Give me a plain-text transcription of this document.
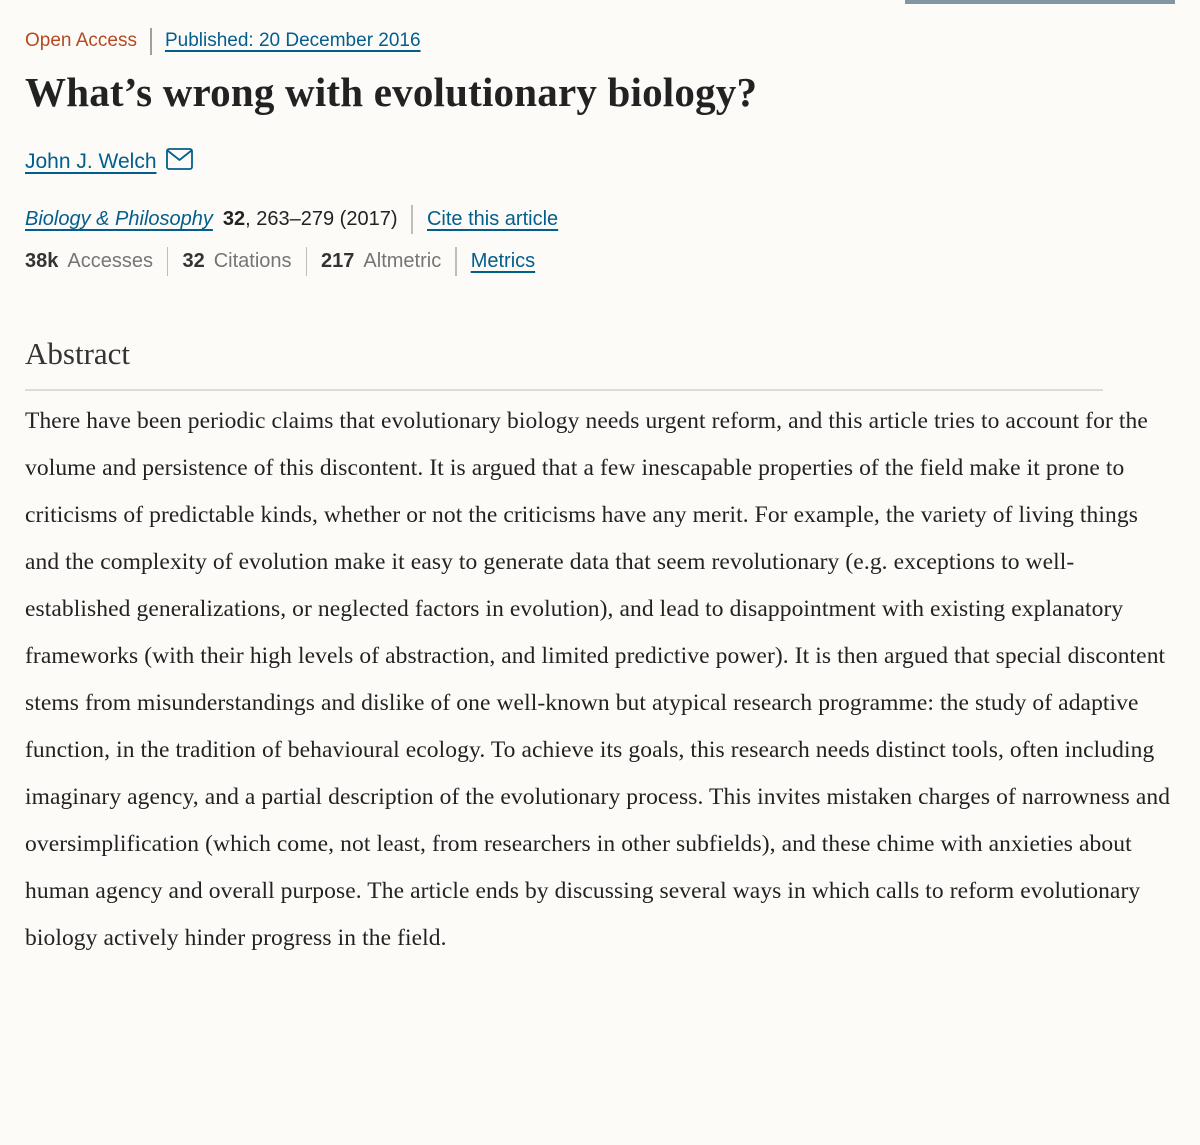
Open Access Published: 20 December 2016
What’s wrong with evolutionary biology?
John J. Welch
Biology & Philosophy 32 , 263–279 (2017) Cite this article
38k Accesses 32 Citations 217 Altmetric Metrics
Abstract

There have been periodic claims that evolutionary biology needs urgent reform, and this article tries to account for the volume and persistence of this discontent. It is argued that a few inescapable properties of the field make it prone to criticisms of predictable kinds, whether or not the criticisms have any merit. For example, the variety of living things and the complexity of evolution make it easy to generate data that seem revolutionary (e.g. exceptions to well-established generalizations, or neglected factors in evolution), and lead to disappointment with existing explanatory frameworks (with their high levels of abstraction, and limited predictive power). It is then argued that special discontent stems from misunderstandings and dislike of one well-known but atypical research programme: the study of adaptive function, in the tradition of behavioural ecology. To achieve its goals, this research needs distinct tools, often including imaginary agency, and a partial description of the evolutionary process. This invites mistaken charges of narrowness and oversimplification (which come, not least, from researchers in other subfields), and these chime with anxieties about human agency and overall purpose. The article ends by discussing several ways in which calls to reform evolutionary biology actively hinder progress in the field.
